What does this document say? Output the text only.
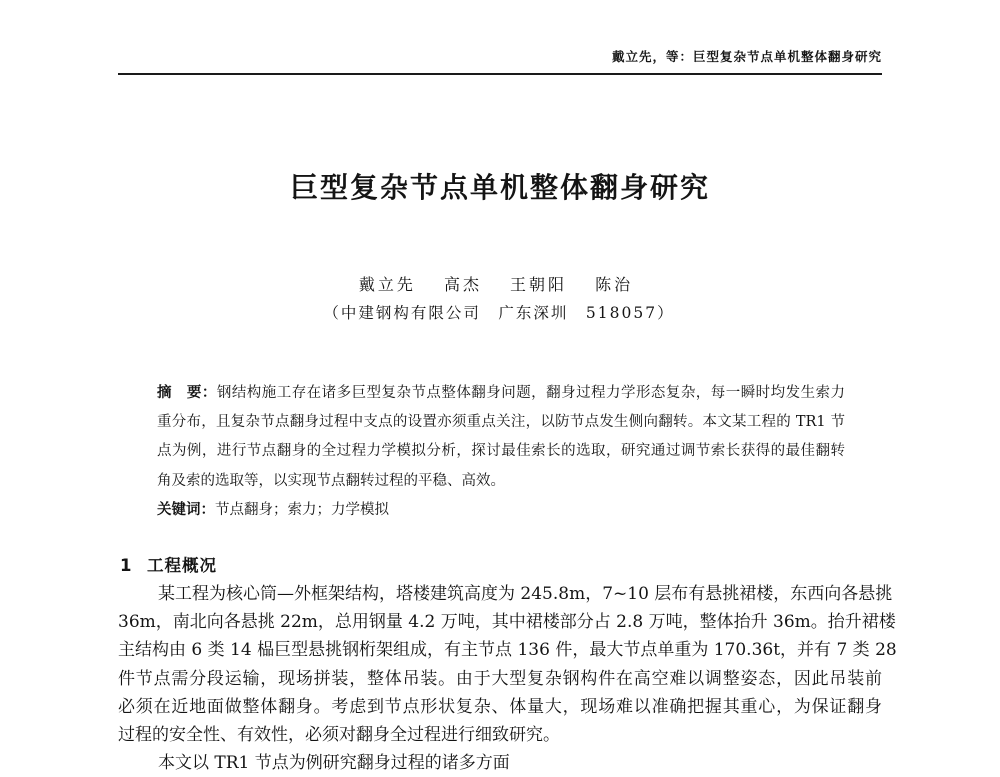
戴立先，等：巨型复杂节点单机整体翻身研究
巨型复杂节点单机整体翻身研究
戴立先 高杰 王朝阳 陈治
（中建钢构有限公司　广东深圳　518057）
摘　要：钢结构施工存在诸多巨型复杂节点整体翻身问题，翻身过程力学形态复杂，每一瞬时均发生索力
重分布，且复杂节点翻身过程中支点的设置亦须重点关注，以防节点发生侧向翻转。本文某工程的 TR1 节
点为例，进行节点翻身的全过程力学模拟分析，探讨最佳索长的选取，研究通过调节索长获得的最佳翻转
角及索的选取等，以实现节点翻转过程的平稳、高效。
关键词：节点翻身；索力；力学模拟
1 工程概况
某工程为核心筒—外框架结构，塔楼建筑高度为 245.8m，7~10 层布有悬挑裙楼，东西向各悬挑
36m，南北向各悬挑 22m，总用钢量 4.2 万吨，其中裙楼部分占 2.8 万吨，整体抬升 36m。抬升裙楼
主结构由 6 类 14 榀巨型悬挑钢桁架组成，有主节点 136 件，最大节点单重为 170.36t，并有 7 类 28
件节点需分段运输，现场拼装，整体吊装。由于大型复杂钢构件在高空难以调整姿态，因此吊装前
必须在近地面做整体翻身。考虑到节点形状复杂、体量大，现场难以准确把握其重心，为保证翻身
过程的安全性、有效性，必须对翻身全过程进行细致研究。
本文以 TR1 节点为例研究翻身过程的诸多方面
